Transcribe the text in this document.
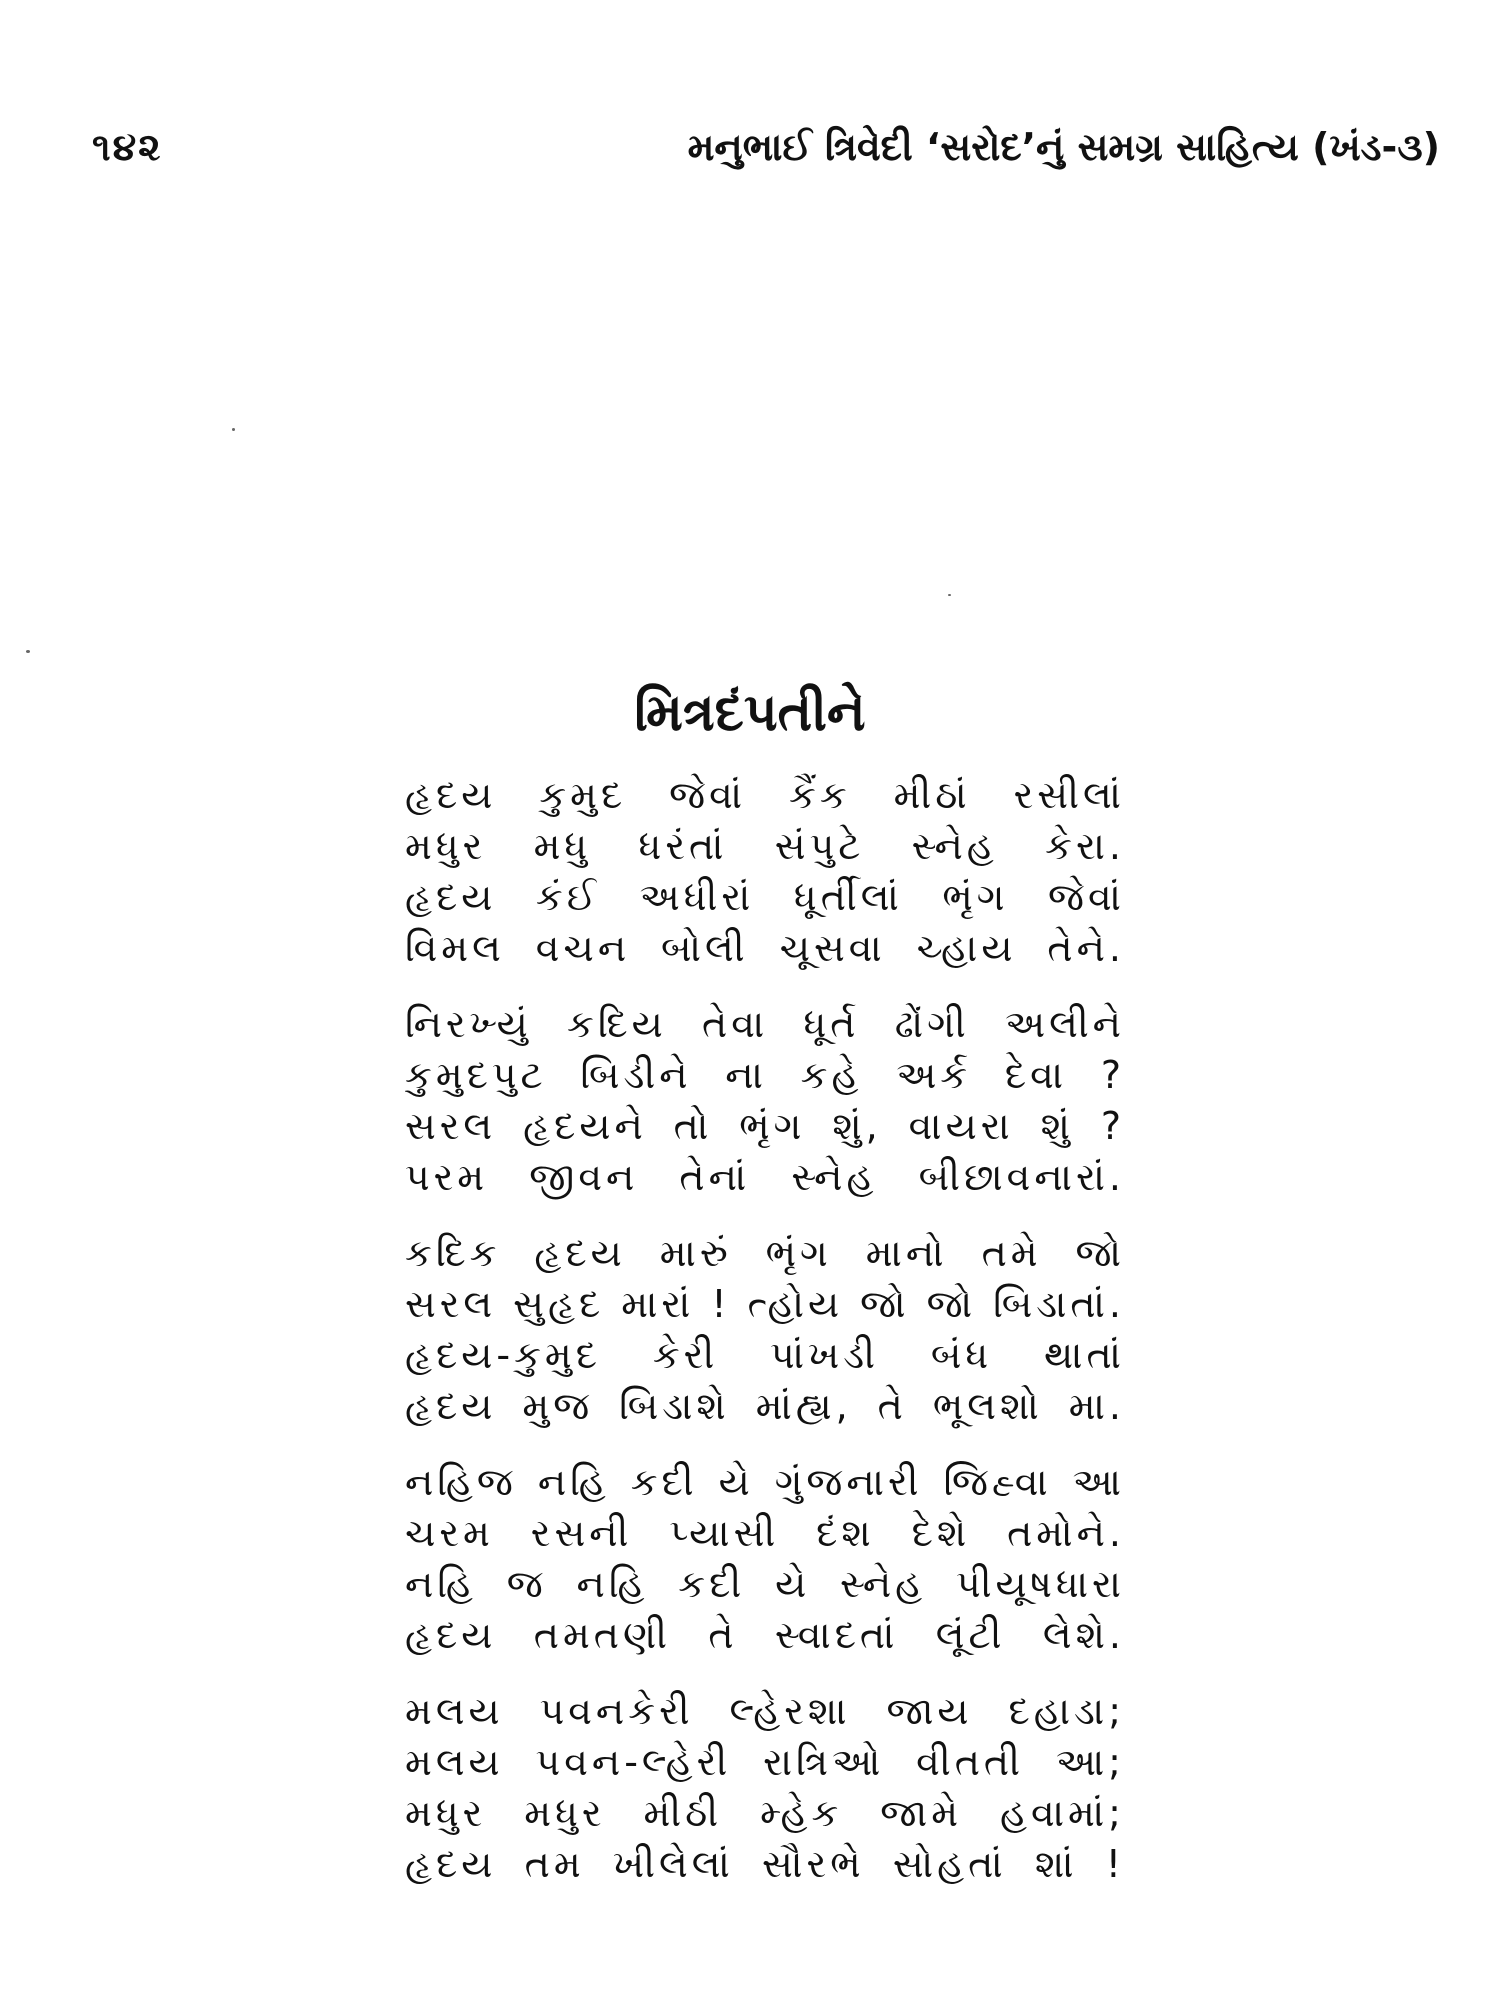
૧૪૨	મનુભાઈ ત્રિવેદી ‘સરોદ’નું સમગ્ર સાહિત્ય (ખંડ-૩)
મિત્રદંપતીને
હૃદય કુમુદ જેવાં કૈંક મીઠાં રસીલાં
મધુર મધુ ધરંતાં સંપુટે સ્નેહ કેરા.
હૃદય કંઈ અધીરાં ધૂર્તીલાં ભૃંગ જેવાં
વિમલ વચન બોલી ચૂસવા ચ્હાય તેને.
નિરખ્યું કદિય તેવા ધૂર્ત ઢોંગી અલીને
કુમુદપુટ બિડીને ના કહે અર્ક દેવા ?
સરલ હૃદયને તો ભૃંગ શું, વાયરા શું ?
પરમ જીવન તેનાં સ્નેહ બીછાવનારાં.
કદિક હૃદય મારું ભૃંગ માનો તમે જો
સરલ સુહૃદ મારાં ! ત્હોય જો જો બિડાતાં.
હૃદય-કુમુદ કેરી પાંખડી બંધ થાતાં
હૃદય મુજ બિડાશે માંહ્ય, તે ભૂલશો મા.
નહિજ નહિ કદી યે ગુંજનારી જિહ્વા આ
ચરમ રસની પ્યાસી દંશ દેશે તમોને.
નહિ જ નહિ કદી યે સ્નેહ પીયૂષધારા
હૃદય તમતણી તે સ્વાદતાં લૂંટી લેશે.
મલય પવનકેરી લ્હેરશા જાય દહાડા;
મલય પવન-લ્હેરી રાત્રિઓ વીતતી આ;
મધુર મધુર મીઠી મ્હેક જામે હવામાં;
હૃદય તમ ખીલેલાં સૌરભે સોહતાં શાં !
